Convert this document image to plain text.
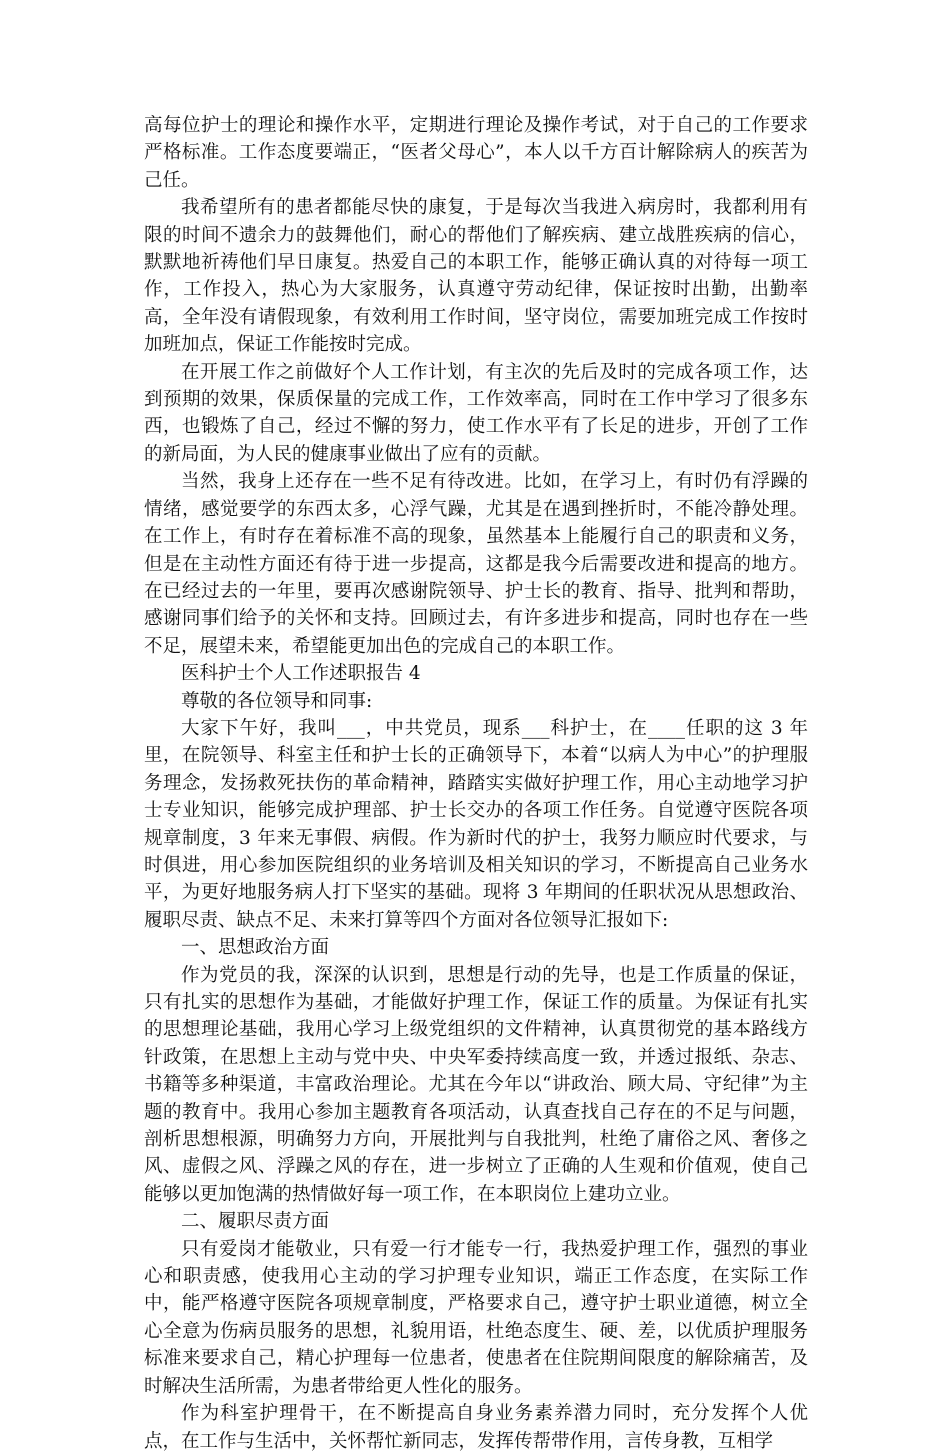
高每位护士的理论和操作水平，定期进行理论及操作考试，对于自己的工作要求严格标准。工作态度要端正，“医者父母心”，本人以千方百计解除病人的疾苦为己任。

我希望所有的患者都能尽快的康复，于是每次当我进入病房时，我都利用有限的时间不遗余力的鼓舞他们，耐心的帮他们了解疾病、建立战胜疾病的信心，默默地祈祷他们早日康复。热爱自己的本职工作，能够正确认真的对待每一项工作，工作投入，热心为大家服务，认真遵守劳动纪律，保证按时出勤，出勤率高，全年没有请假现象，有效利用工作时间，坚守岗位，需要加班完成工作按时加班加点，保证工作能按时完成。

在开展工作之前做好个人工作计划，有主次的先后及时的完成各项工作，达到预期的效果，保质保量的完成工作，工作效率高，同时在工作中学习了很多东西，也锻炼了自己，经过不懈的努力，使工作水平有了长足的进步，开创了工作的新局面，为人民的健康事业做出了应有的贡献。

当然，我身上还存在一些不足有待改进。比如，在学习上，有时仍有浮躁的情绪，感觉要学的东西太多，心浮气躁，尤其是在遇到挫折时，不能冷静处理。在工作上，有时存在着标准不高的现象，虽然基本上能履行自己的职责和义务，但是在主动性方面还有待于进一步提高，这都是我今后需要改进和提高的地方。在已经过去的一年里，要再次感谢院领导、护士长的教育、指导、批判和帮助，感谢同事们给予的关怀和支持。回顾过去，有许多进步和提高，同时也存在一些不足，展望未来，希望能更加出色的完成自己的本职工作。

医科护士个人工作述职报告 4

尊敬的各位领导和同事:

大家下午好，我叫___，中共党员，现系___科护士，在____任职的这 3 年里，在院领导、科室主任和护士长的正确领导下，本着“以病人为中心”的护理服务理念，发扬救死扶伤的革命精神，踏踏实实做好护理工作，用心主动地学习护士专业知识，能够完成护理部、护士长交办的各项工作任务。自觉遵守医院各项规章制度，3 年来无事假、病假。作为新时代的护士，我努力顺应时代要求，与时俱进，用心参加医院组织的业务培训及相关知识的学习，不断提高自己业务水平，为更好地服务病人打下坚实的基础。现将 3 年期间的任职状况从思想政治、履职尽责、缺点不足、未来打算等四个方面对各位领导汇报如下:

一、思想政治方面

作为党员的我，深深的认识到，思想是行动的先导，也是工作质量的保证，只有扎实的思想作为基础，才能做好护理工作，保证工作的质量。为保证有扎实的思想理论基础，我用心学习上级党组织的文件精神，认真贯彻党的基本路线方针政策，在思想上主动与党中央、中央军委持续高度一致，并透过报纸、杂志、书籍等多种渠道，丰富政治理论。尤其在今年以“讲政治、顾大局、守纪律”为主题的教育中。我用心参加主题教育各项活动，认真查找自己存在的不足与问题，剖析思想根源，明确努力方向，开展批判与自我批判，杜绝了庸俗之风、奢侈之风、虚假之风、浮躁之风的存在，进一步树立了正确的人生观和价值观，使自己能够以更加饱满的热情做好每一项工作，在本职岗位上建功立业。

二、履职尽责方面

只有爱岗才能敬业，只有爱一行才能专一行，我热爱护理工作，强烈的事业心和职责感，使我用心主动的学习护理专业知识，端正工作态度，在实际工作中，能严格遵守医院各项规章制度，严格要求自己，遵守护士职业道德，树立全心全意为伤病员服务的思想，礼貌用语，杜绝态度生、硬、差，以优质护理服务标准来要求自己，精心护理每一位患者，使患者在住院期间限度的解除痛苦，及时解决生活所需，为患者带给更人性化的服务。

作为科室护理骨干，在不断提高自身业务素养潜力同时，充分发挥个人优点，在工作与生活中，关怀帮忙新同志，发挥传帮带作用，言传身教，互相学
